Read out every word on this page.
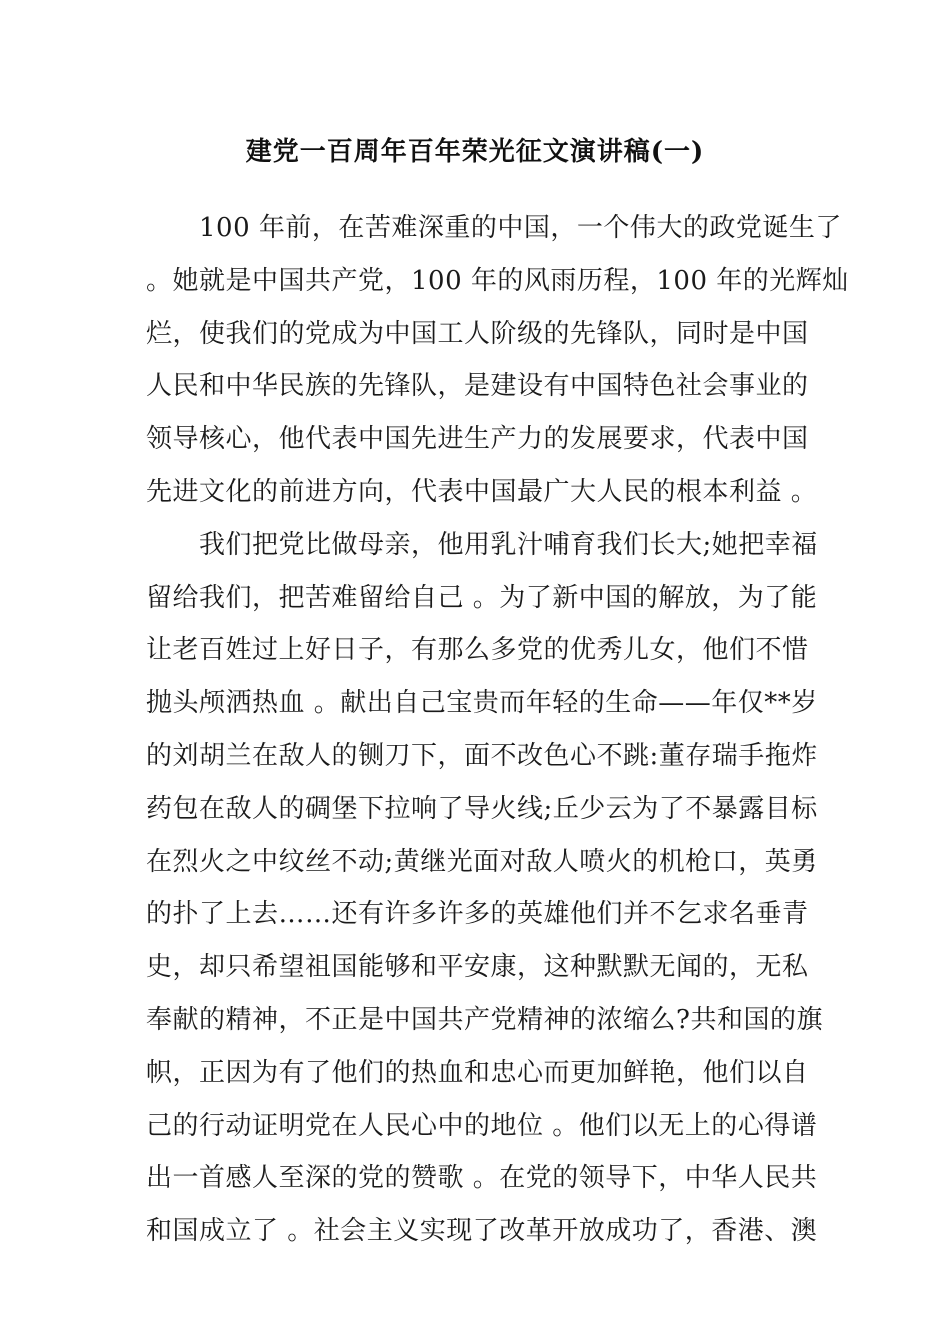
建党一百周年百年荣光征文演讲稿(一)
　　100 年前，在苦难深重的中国，一个伟大的政党诞生了
。她就是中国共产党，100 年的风雨历程，100 年的光辉灿
烂，使我们的党成为中国工人阶级的先锋队，同时是中国
人民和中华民族的先锋队，是建设有中国特色社会事业的
领导核心，他代表中国先进生产力的发展要求，代表中国
先进文化的前进方向，代表中国最广大人民的根本利益 。
　　我们把党比做母亲，他用乳汁哺育我们长大;她把幸福
留给我们，把苦难留给自己 。为了新中国的解放，为了能
让老百姓过上好日子，有那么多党的优秀儿女，他们不惜
抛头颅洒热血 。献出自己宝贵而年轻的生命——年仅**岁
的刘胡兰在敌人的铡刀下，面不改色心不跳:董存瑞手拖炸
药包在敌人的碉堡下拉响了导火线;丘少云为了不暴露目标
在烈火之中纹丝不动;黄继光面对敌人喷火的机枪口，英勇
的扑了上去……还有许多许多的英雄他们并不乞求名垂青
史，却只希望祖国能够和平安康，这种默默无闻的，无私
奉献的精神，不正是中国共产党精神的浓缩么?共和国的旗
帜，正因为有了他们的热血和忠心而更加鲜艳，他们以自
己的行动证明党在人民心中的地位 。他们以无上的心得谱
出一首感人至深的党的赞歌 。在党的领导下，中华人民共
和国成立了 。社会主义实现了改革开放成功了，香港、澳
